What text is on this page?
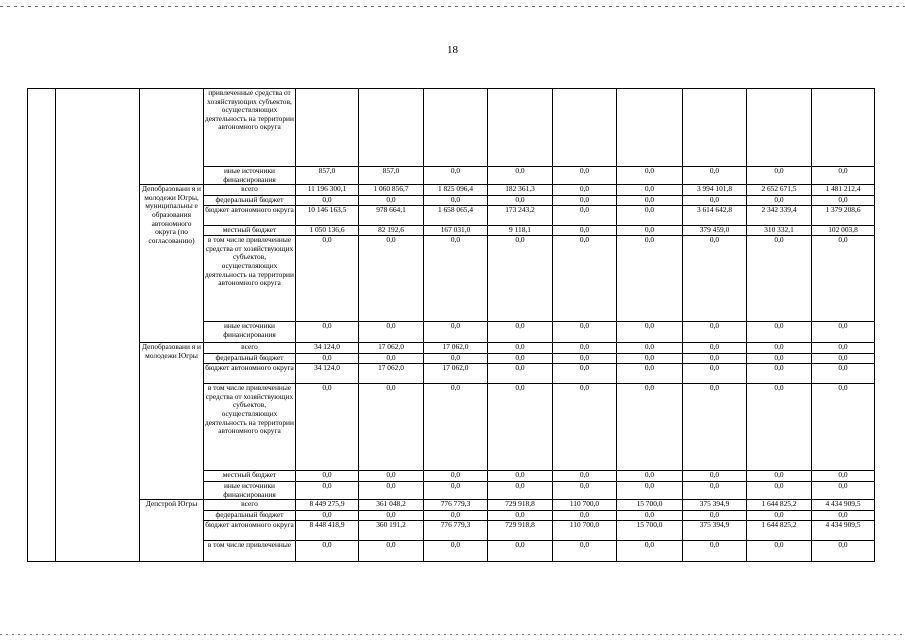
18
			привлеченные средства от хозяйствующих субъектов, осуществляющих деятельность на территории автономного округа									
			иные источники финансирования	857,0	857,0	0,0	0,0	0,0	0,0	0,0	0,0	0,0
		Депобразовани я и молодежи Югры, муниципальны е образования автономного округа (по согласованию)	всего	11 196 300,1	1 060 856,7	1 825 096,4	182 361,3	0,0	0,0	3 994 101,8	2 652 671,5	1 481 212,4
			федеральный бюджет	0,0	0,0	0,0	0,0	0,0	0,0	0,0	0,0	0,0
			бюджет автономного округа	10 146 163,5	978 664,1	1 658 065,4	173 243,2	0,0	0,0	3 614 642,8	2 342 339,4	1 379 208,6
			местный бюджет	1 050 136,6	82 192,6	167 031,0	9 118,1	0,0	0,0	379 459,0	310 332,1	102 003,8
			в том числе привлеченные средства от хозяйствующих субъектов, осуществляющих деятельность на территории автономного округа	0,0	0,0	0,0	0,0	0,0	0,0	0,0	0,0	0,0
			иные источники финансирования	0,0	0,0	0,0	0,0	0,0	0,0	0,0	0,0	0,0
		Депобразовани я и молодежи Югры	всего	34 124,0	17 062,0	17 062,0	0,0	0,0	0,0	0,0	0,0	0,0
			федеральный бюджет	0,0	0,0	0,0	0,0	0,0	0,0	0,0	0,0	0,0
			бюджет автономного округа	34 124,0	17 062,0	17 062,0	0,0	0,0	0,0	0,0	0,0	0,0
			в том числе привлеченные средства от хозяйствующих субъектов, осуществляющих деятельность на территории автономного округа	0,0	0,0	0,0	0,0	0,0	0,0	0,0	0,0	0,0
			местный бюджет	0,0	0,0	0,0	0,0	0,0	0,0	0,0	0,0	0,0
			иные источники финансирования	0,0	0,0	0,0	0,0	0,0	0,0	0,0	0,0	0,0
		Депстрой Югры	всего	8 449 275,9	361 048,2	776 779,3	729 918,8	110 700,0	15 700,0	375 394,9	1 644 825,2	4 434 909,5
			федеральный бюджет	0,0	0,0	0,0	0,0	0,0	0,0	0,0	0,0	0,0
			бюджет автономного округа	8 448 418,9	360 191,2	776 779,3	729 918,8	110 700,0	15 700,0	375 394,9	1 644 825,2	4 434 909,5
			в том числе привлеченные	0,0	0,0	0,0	0,0	0,0	0,0	0,0	0,0	0,0
